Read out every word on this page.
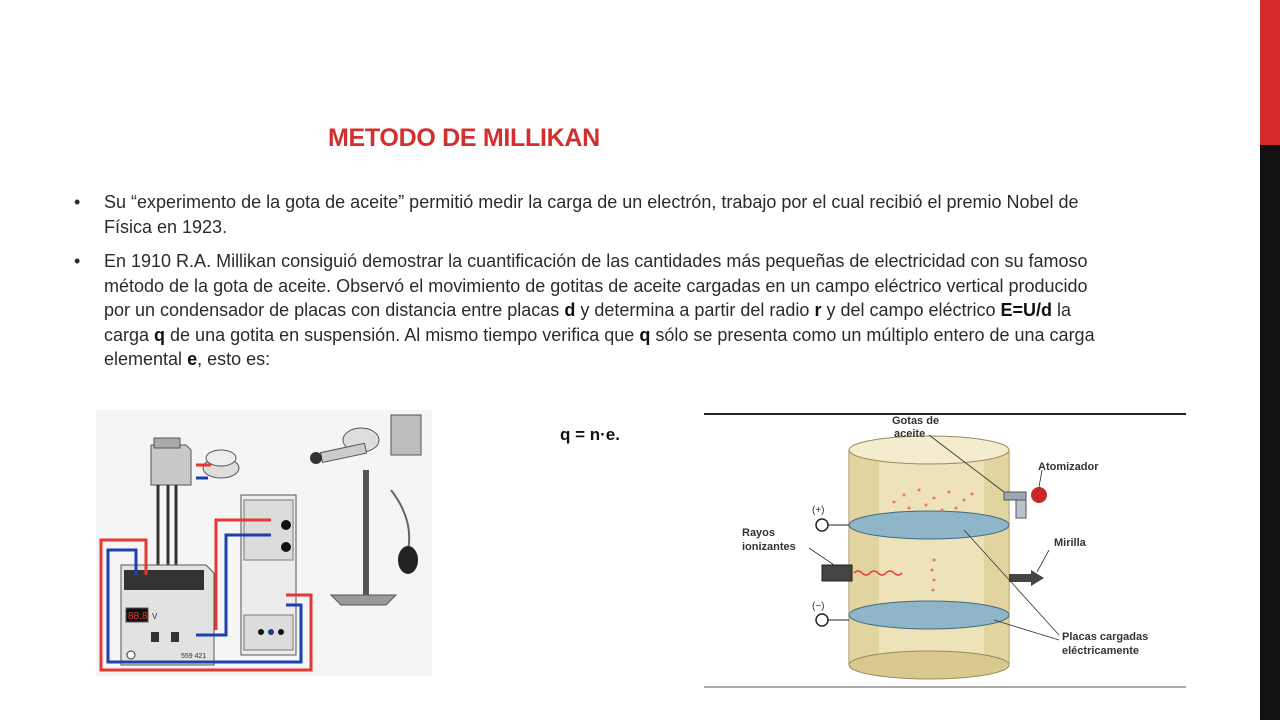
METODO DE MILLIKAN
• Su “experimento de la gota de aceite” permitió medir la carga de un electrón, trabajo por el cual recibió el premio Nobel de Física en 1923.
• En 1910 R.A. Millikan consiguió demostrar la cuantificación de las cantidades más pequeñas de electricidad con su famoso método de la gota de aceite. Observó el movimiento de gotitas de aceite cargadas en un campo eléctrico vertical producido por un condensador de placas con distancia entre placas d y determina a partir del radio r y del campo eléctrico E=U/d la carga q de una gotita en suspensión. Al mismo tiempo verifica que q sólo se presenta como un múltiplo entero de una carga elemental e, esto es:
q = n·e.
88.8 V
559 421
Gotas de
aceite
Atomizador
(+)
(−)
Rayos
ionizantes	Mirilla
Placas cargadas
eléctricamente
